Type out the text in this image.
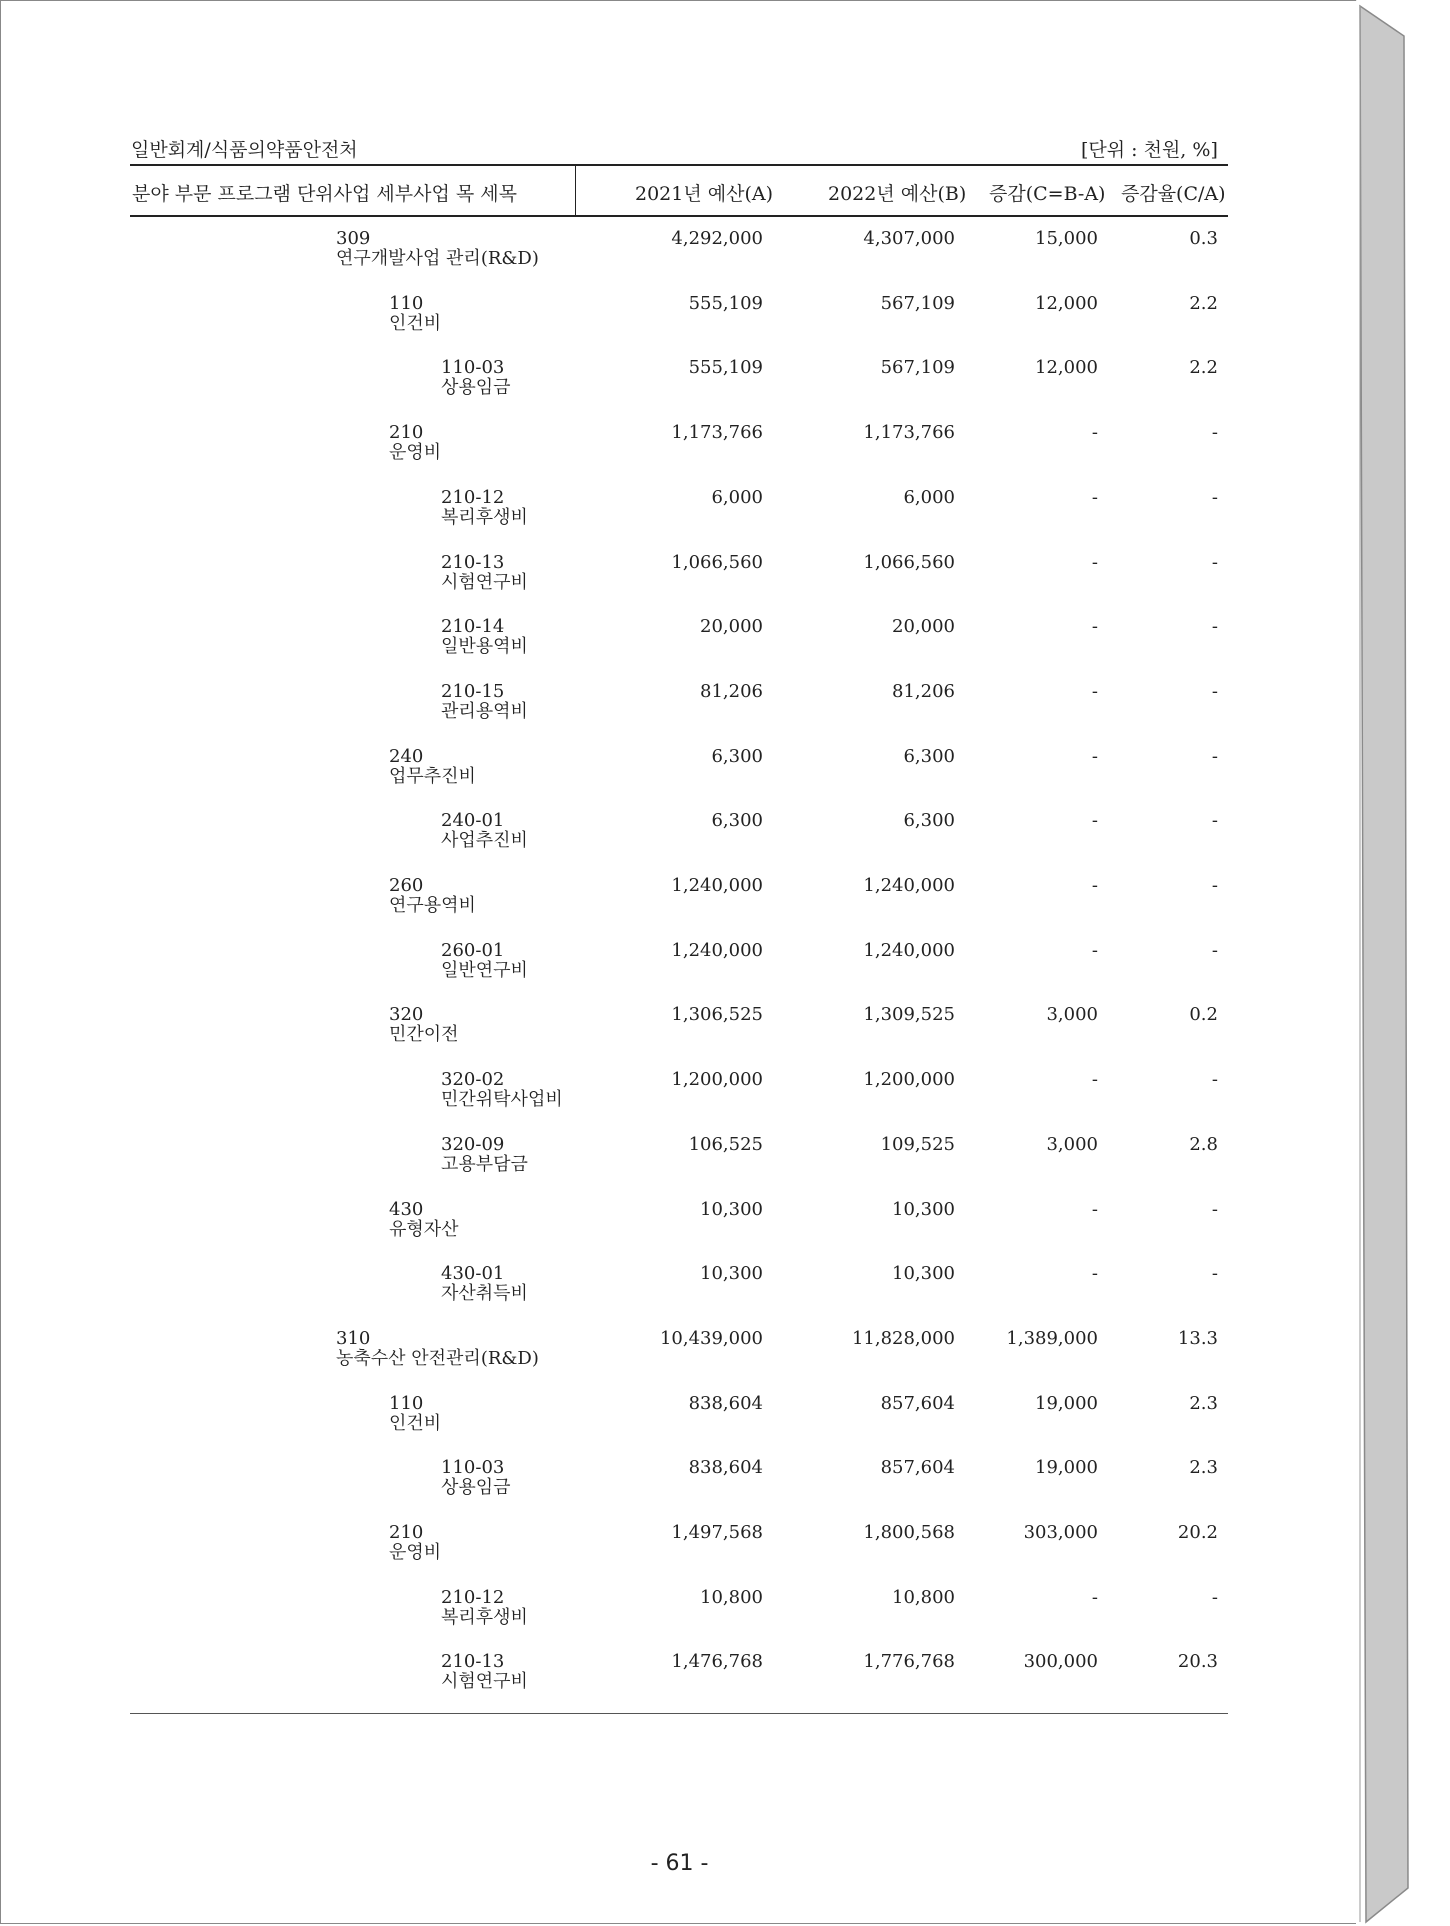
일반회계/식품의약품안전처	[단위 : 천원, %]
분야 부문 프로그램 단위사업 세부사업 목 세목	2021년 예산(A)	2022년 예산(B) 증감(C=B-A) 증감율(C/A)
309
연구개발사업 관리(R&D)
4,292,000	4,307,000	15,000	0.3
110
인건비
555,109	567,109	12,000	2.2
110-03
상용임금
555,109	567,109	12,000	2.2
210
운영비
1,173,766	1,173,766	-	-
210-12
복리후생비
6,000	6,000	-	-
210-13
시험연구비
1,066,560	1,066,560	-	-
210-14
일반용역비
20,000	20,000	-	-
210-15
관리용역비
81,206	81,206	-	-
240
업무추진비
6,300	6,300	-	-
240-01
사업추진비
6,300	6,300	-	-
260
연구용역비
1,240,000	1,240,000	-	-
260-01
일반연구비
1,240,000	1,240,000	-	-
320
민간이전
1,306,525	1,309,525	3,000	0.2
320-02
민간위탁사업비
1,200,000	1,200,000	-	-
320-09
고용부담금
106,525	109,525	3,000	2.8
430
유형자산
10,300	10,300	-	-
430-01
자산취득비
10,300	10,300	-	-
310
농축수산 안전관리(R&D)
10,439,000	11,828,000	1,389,000	13.3
110
인건비
838,604	857,604	19,000	2.3
110-03
상용임금
838,604	857,604	19,000	2.3
210
운영비
1,497,568	1,800,568	303,000	20.2
210-12
복리후생비
10,800	10,800	-	-
210-13
시험연구비
1,476,768	1,776,768	300,000	20.3
- 61 -
